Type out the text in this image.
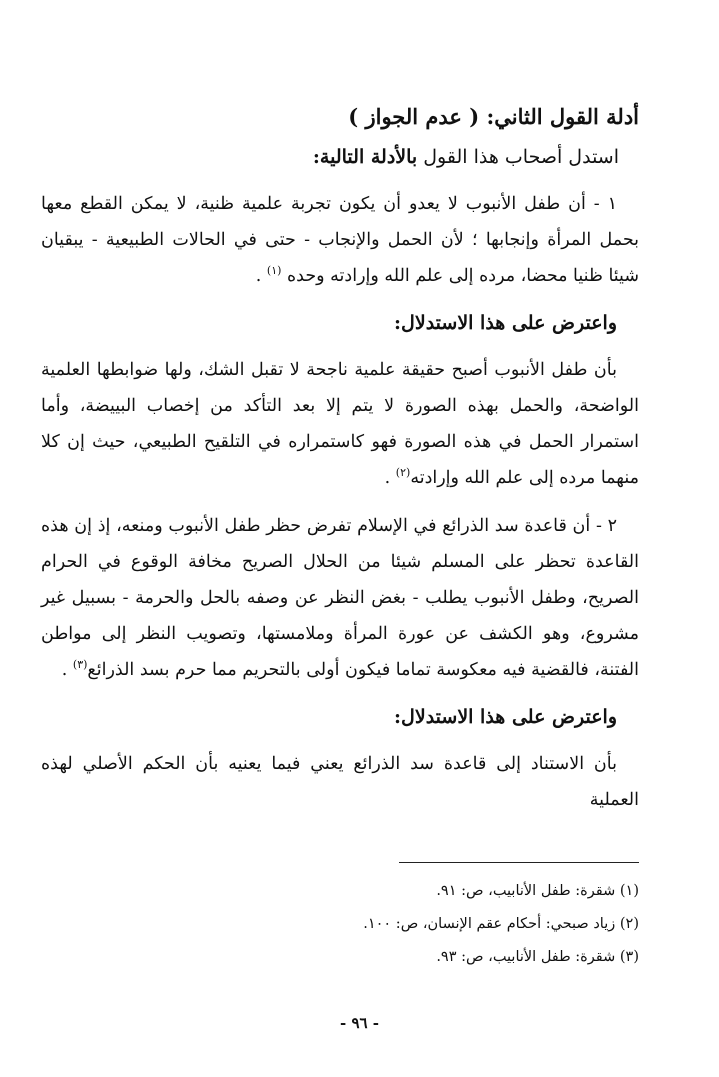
أدلة القول الثاني: ( عدم الجواز )

استدل أصحاب هذا القول بالأدلة التالية:

١ - أن طفل الأنبوب لا يعدو أن يكون تجربة علمية ظنية، لا يمكن القطع معها بحمل المرأة وإنجابها ؛ لأن الحمل والإنجاب - حتى في الحالات الطبيعية - يبقيان شيئا ظنيا محضا، مرده إلى علم الله وإرادته وحده $^{(١)}$ .

واعترض على هذا الاستدلال:

بأن طفل الأنبوب أصبح حقيقة علمية ناجحة لا تقبل الشك، ولها ضوابطها العلمية الواضحة، والحمل بهذه الصورة لا يتم إلا بعد التأكد من إخصاب البييضة، وأما استمرار الحمل في هذه الصورة فهو كاستمراره في التلقيح الطبيعي، حيث إن كلا منهما مرده إلى علم الله وإرادته$^{(٢)}$ .

٢ - أن قاعدة سد الذرائع في الإسلام تفرض حظر طفل الأنبوب ومنعه، إذ إن هذه القاعدة تحظر على المسلم شيئا من الحلال الصريح مخافة الوقوع في الحرام الصريح، وطفل الأنبوب يطلب - بغض النظر عن وصفه بالحل والحرمة - بسبيل غير مشروع، وهو الكشف عن عورة المرأة وملامستها، وتصويب النظر إلى مواطن الفتنة، فالقضية فيه معكوسة تماما فيكون أولى بالتحريم مما حرم بسد الذرائع$^{(٣)}$ .

واعترض على هذا الاستدلال:

بأن الاستناد إلى قاعدة سد الذرائع يعني فيما يعنيه بأن الحكم الأصلي لهذه العملية

(١) شقرة: طفل الأنابيب، ص: ٩١.

(٢) زياد صبحي: أحكام عقم الإنسان، ص: ١٠٠.

(٣) شقرة: طفل الأنابيب، ص: ٩٣.

- ٩٦ -
